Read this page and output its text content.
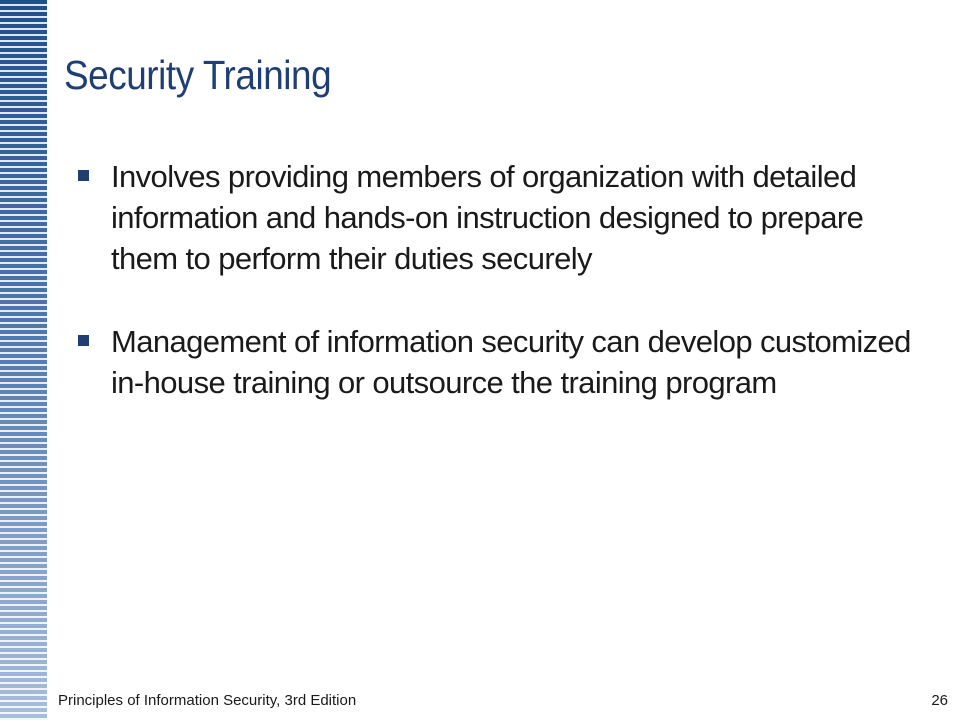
Security Training
Involves providing members of organization with detailed information and hands-on instruction designed to prepare them to perform their duties securely
Management of information security can develop customized in-house training or outsource the training program
Principles of Information Security, 3rd Edition	26
